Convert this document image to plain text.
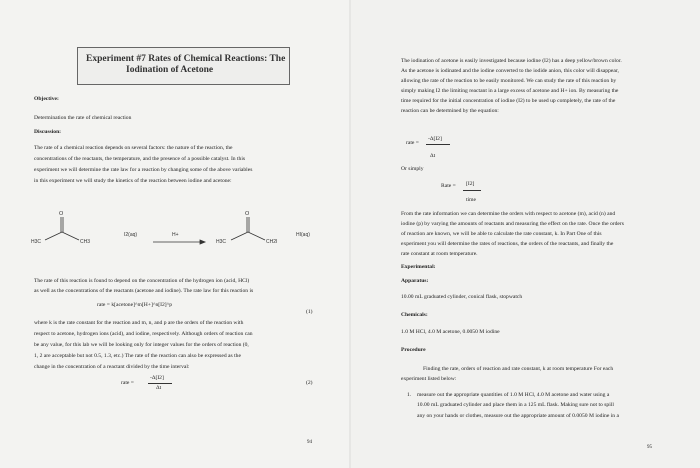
Experiment #7 Rates of Chemical Reactions: The
Iodination of Acetone
Objective:
Determination the rate of chemical reaction
Discussion:
The rate of a chemical reaction depends on several factors: the nature of the reaction, the
concentrations of the reactants, the temperature, and the presence of a possible catalyst. In this
experiment we will determine the rate law for a reaction by changing some of the above variables
in this experiment we will study the kinetics of the reaction between iodine and acetone:
O
H3C	CH3
I2(aq)	H+
O
H3C	CH2I
HI(aq)
The rate of this reaction is found to depend on the concentration of the hydrogen ion (acid, HCl)
as well as the concentrations of the reactants (acetone and iodine). The rate law for this reaction is
rate = k[acetone]^m[H+]^n[I2]^p
(1)
where k is the rate constant for the reaction and m, n, and p are the orders of the reaction with
respect to acetone, hydrogen ions (acid), and iodine, respectively. Although orders of reaction can
be any value, for this lab we will be looking only for integer values for the orders of reaction (0,
1, 2 are acceptable but not 0.5, 1.3, etc.) The rate of the reaction can also be expressed as the
change in the concentration of a reactant divided by the time interval:
rate =
-Δ[I2]
Δt
(2)
94
The iodination of acetone is easily investigated because iodine (I2) has a deep yellow/brown color.
As the acetone is iodinated and the iodine converted to the iodide anion, this color will disappear,
allowing the rate of the reaction to be easily monitored. We can study the rate of this reaction by
simply making I2 the limiting reactant in a large excess of acetone and H+ ion. By measuring the
time required for the initial concentration of iodine (I2) to be used up completely, the rate of the
reaction can be determined by the equation:
rate =
-Δ[I2]
Δt
Or simply
Rate = [I2]
time
From the rate information we can determine the orders with respect to acetone (m), acid (n) and
iodine (p) by varying the amounts of reactants and measuring the effect on the rate. Once the orders
of reaction are known, we will be able to calculate the rate constant, k. In Part One of this
experiment you will determine the rates of reactions, the orders of the reactants, and finally the
rate constant at room temperature.
Experimental:
Apparatus:
10.00 mL graduated cylinder, conical flask, stopwatch
Chemicals:
1.0 M HCl, 4.0 M acetone, 0.0050 M iodine
Procedure
Finding the rate, orders of reaction and rate constant, k at room temperature For each
experiment listed below:
1. measure out the appropriate quantities of 1.0 M HCl, 4.0 M acetone and water using a
10.00 mL graduated cylinder and place them in a 125 mL flask. Making sure not to spill
any on your hands or clothes, measure out the appropriate amount of 0.0050 M iodine in a
95
